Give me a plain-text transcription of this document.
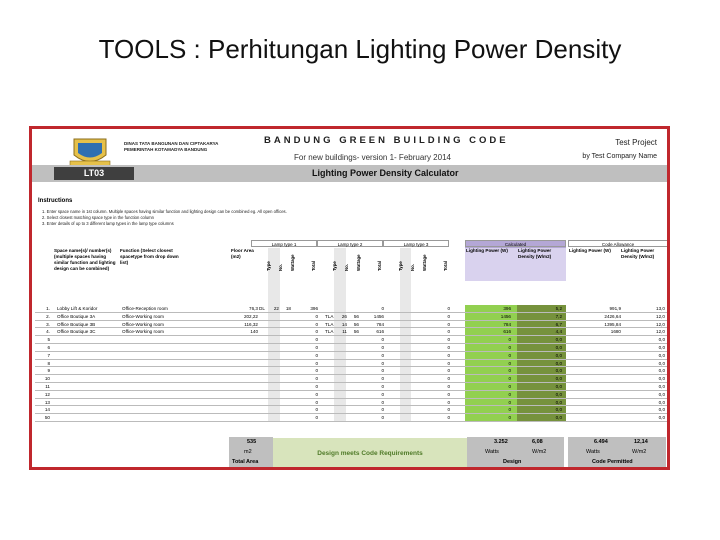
TOOLS : Perhitungan Lighting Power Density
DINAS TATA BANGUNAN DAN CIPTAKARYA
PEMERINTAH KOTAMADYA BANDUNG
BANDUNG GREEN BUILDING CODE
For new buildings- version 1- February 2014
Test Project
by Test Company Name
LT03	Lighting Power Density Calculator
Instructions
1. Enter space name in 1st column. Multiple spaces having similar function and lighting design can be combined eg. All open offices.
2. Select closest matching space type in the function column
3. Enter details of up to 3 different lamp types in the lamp type columns
Lamp type 1	Lamp type 2	Lamp type 3	Calculated	Code Allowance
Space name(s)/ number(s) (multiple spaces having similar function and lighting design can be combined)
Function (Select closest spacetype from drop down list)
Floor Area (m2)
Lighting Power (W)	Lighting Power Density (W/m2)
Lighting Power (W)	Lighting Power Density (W/m2)
Type No. Wattage	Total	Type No. Wattage	Total	Type No. Wattage	Total
1. Lobby Lift & Koridor	Office-Reception room	76,3 DL	22	18	396	0	0	396	5,2	991,9	13,0
2. Office Boutique 3A	Office-Working room	202,22	0 TLA	26	56	1456	0	1456	7,2	2426,64	12,0
3. Office Boutique 3B	Office-Working room	116,32	0 TLA	14	56	784	0	784	6,7	1395,84	12,0
4. Office Boutique 3C	Office-Working room	140	0 TLA	11	56	616	0	616	4,4	1680	12,0
5	0	0	0	0	0,0	0,0
6	0	0	0	0	0,0	0,0
7	0	0	0	0	0,0	0,0
8	0	0	0	0	0,0	0,0
9	0	0	0	0	0,0	0,0
10	0	0	0	0	0,0	0,0
11	0	0	0	0	0,0	0,0
12	0	0	0	0	0,0	0,0
13	0	0	0	0	0,0	0,0
14	0	0	0	0	0,0	0,0
50	0	0	0	0	0,0	0,0
535
m2
Total Area
Design meets Code Requirements
3.252	6,08
Watts	W/m2
Design
6.494	12,14
Watts	W/m2
Code Permitted
